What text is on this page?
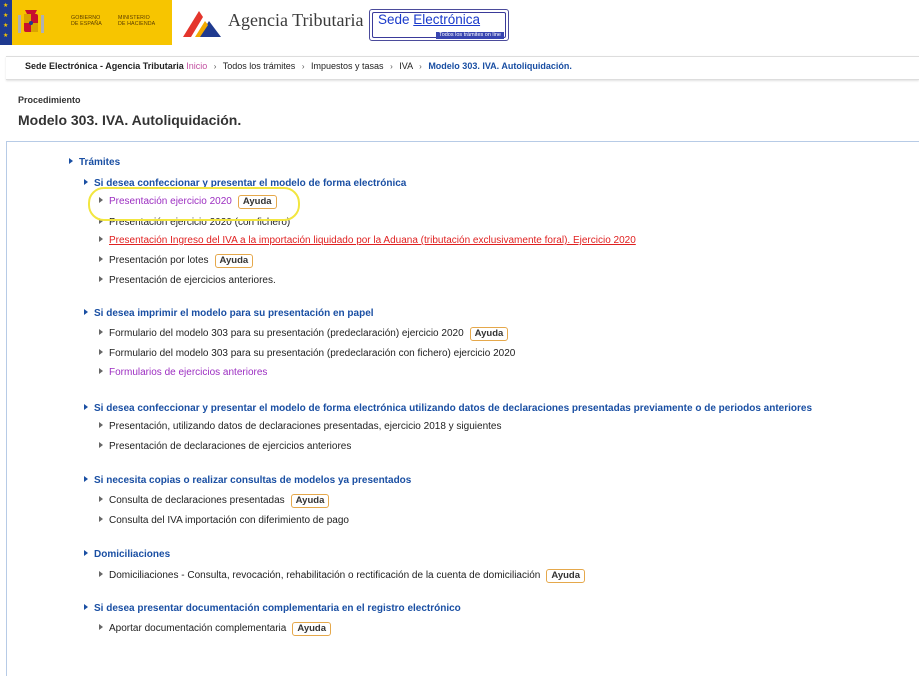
★
★
★
★
GOBIERNO
DE ESPAÑA
MINISTERIO
DE HACIENDA	Agencia Tributaria Sede Electrónica
Todos los trámites on line
Sede Electrónica - Agencia Tributaria Inicio › Todos los trámites › Impuestos y tasas › IVA › Modelo 303. IVA. Autoliquidación.
Procedimiento
Modelo 303. IVA. Autoliquidación.
Trámites
Si desea confeccionar y presentar el modelo de forma electrónica
Presentación ejercicio 2020 Ayuda
Presentación ejercicio 2020 (con fichero)
Presentación Ingreso del IVA a la importación liquidado por la Aduana (tributación exclusivamente foral). Ejercicio 2020
Presentación por lotes Ayuda
Presentación de ejercicios anteriores.
Si desea imprimir el modelo para su presentación en papel
Formulario del modelo 303 para su presentación (predeclaración) ejercicio 2020 Ayuda
Formulario del modelo 303 para su presentación (predeclaración con fichero) ejercicio 2020
Formularios de ejercicios anteriores
Si desea confeccionar y presentar el modelo de forma electrónica utilizando datos de declaraciones presentadas previamente o de periodos anteriores
Presentación, utilizando datos de declaraciones presentadas, ejercicio 2018 y siguientes
Presentación de declaraciones de ejercicios anteriores
Si necesita copias o realizar consultas de modelos ya presentados
Consulta de declaraciones presentadas Ayuda
Consulta del IVA importación con diferimiento de pago
Domiciliaciones
Domiciliaciones - Consulta, revocación, rehabilitación o rectificación de la cuenta de domiciliación Ayuda
Si desea presentar documentación complementaria en el registro electrónico
Aportar documentación complementaria Ayuda
